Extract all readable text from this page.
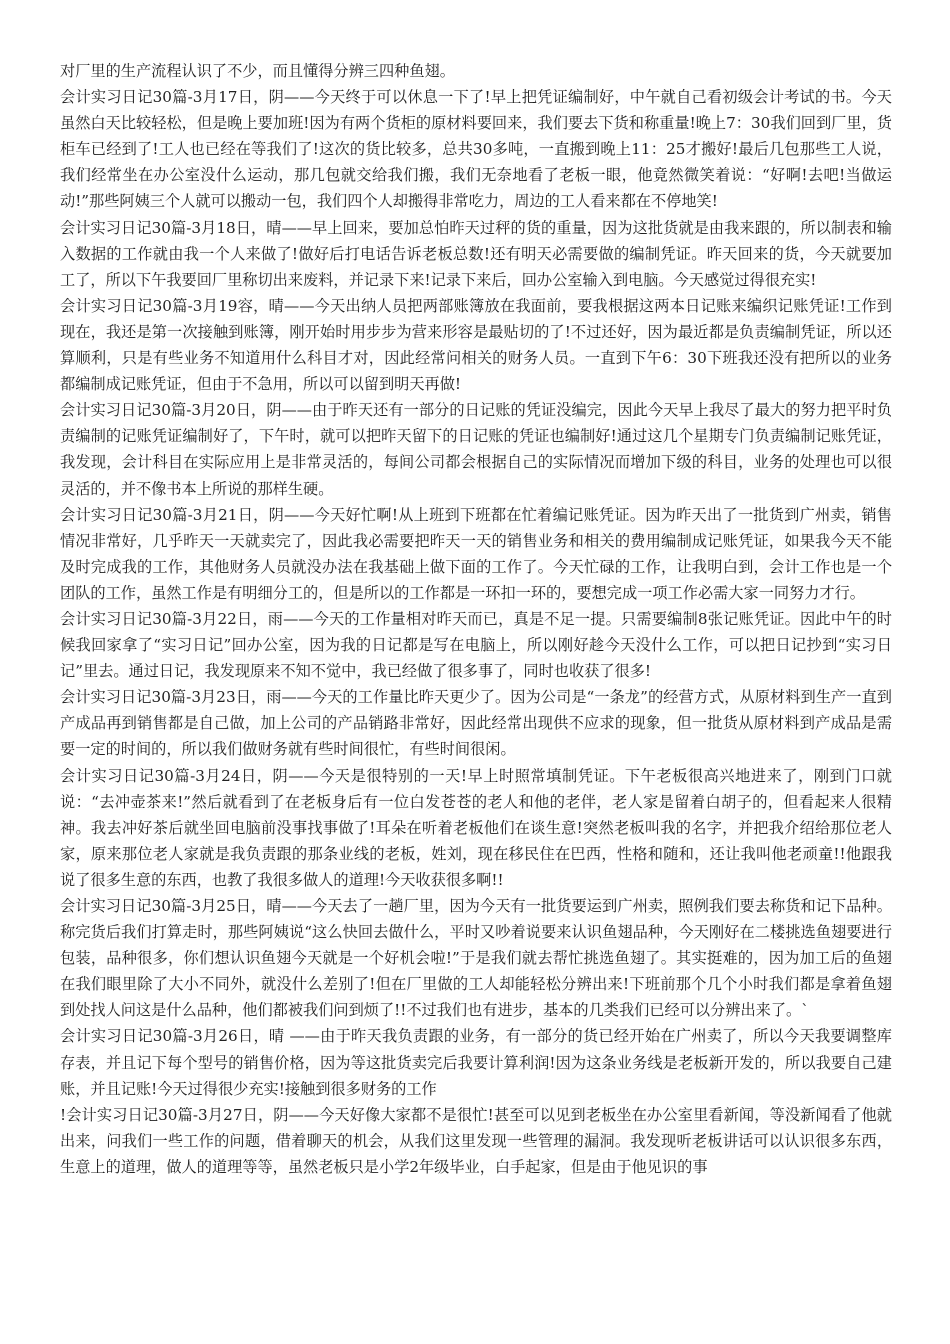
对厂里的生产流程认识了不少，而且懂得分辨三四种鱼翅。

会计实习日记30篇-3月17日，阴——今天终于可以休息一下了!早上把凭证编制好，中午就自己看初级会计考试的书。今天虽然白天比较轻松，但是晚上要加班!因为有两个货柜的原材料要回来，我们要去下货和称重量!晚上7：30我们回到厂里，货柜车已经到了!工人也已经在等我们了!这次的货比较多，总共30多吨，一直搬到晚上11：25才搬好!最后几包那些工人说，我们经常坐在办公室没什么运动，那几包就交给我们搬，我们无奈地看了老板一眼，他竟然微笑着说：“好啊!去吧!当做运动!”那些阿姨三个人就可以搬动一包，我们四个人却搬得非常吃力，周边的工人看来都在不停地笑!

会计实习日记30篇-3月18日，晴——早上回来，要加总怕昨天过秤的货的重量，因为这批货就是由我来跟的，所以制表和输入数据的工作就由我一个人来做了!做好后打电话告诉老板总数!还有明天必需要做的编制凭证。昨天回来的货，今天就要加工了，所以下午我要回厂里称切出来废料，并记录下来!记录下来后，回办公室输入到电脑。今天感觉过得很充实!

会计实习日记30篇-3月19容，晴——今天出纳人员把两部账簿放在我面前，要我根据这两本日记账来编织记账凭证!工作到现在，我还是第一次接触到账簿，刚开始时用步步为营来形容是最贴切的了!不过还好，因为最近都是负责编制凭证，所以还算顺利，只是有些业务不知道用什么科目才对，因此经常问相关的财务人员。一直到下午6：30下班我还没有把所以的业务都编制成记账凭证，但由于不急用，所以可以留到明天再做!

会计实习日记30篇-3月20日，阴——由于昨天还有一部分的日记账的凭证没编完，因此今天早上我尽了最大的努力把平时负责编制的记账凭证编制好了，下午时，就可以把昨天留下的日记账的凭证也编制好!通过这几个星期专门负责编制记账凭证，我发现，会计科目在实际应用上是非常灵活的，每间公司都会根据自己的实际情况而增加下级的科目，业务的处理也可以很灵活的，并不像书本上所说的那样生硬。

会计实习日记30篇-3月21日，阴——今天好忙啊!从上班到下班都在忙着编记账凭证。因为昨天出了一批货到广州卖，销售情况非常好，几乎昨天一天就卖完了，因此我必需要把昨天一天的销售业务和相关的费用编制成记账凭证，如果我今天不能及时完成我的工作，其他财务人员就没办法在我基础上做下面的工作了。今天忙碌的工作，让我明白到，会计工作也是一个团队的工作，虽然工作是有明细分工的，但是所以的工作都是一环扣一环的，要想完成一项工作必需大家一同努力才行。

会计实习日记30篇-3月22日，雨——今天的工作量相对昨天而已，真是不足一提。只需要编制8张记账凭证。因此中午的时候我回家拿了“实习日记”回办公室，因为我的日记都是写在电脑上，所以刚好趁今天没什么工作，可以把日记抄到“实习日记”里去。通过日记，我发现原来不知不觉中，我已经做了很多事了，同时也收获了很多!

会计实习日记30篇-3月23日，雨——今天的工作量比昨天更少了。因为公司是“一条龙”的经营方式，从原材料到生产一直到产成品再到销售都是自己做，加上公司的产品销路非常好，因此经常出现供不应求的现象，但一批货从原材料到产成品是需要一定的时间的，所以我们做财务就有些时间很忙，有些时间很闲。

会计实习日记30篇-3月24日，阴——今天是很特别的一天!早上时照常填制凭证。下午老板很高兴地进来了，刚到门口就说：“去冲壶茶来!”然后就看到了在老板身后有一位白发苍苍的老人和他的老伴，老人家是留着白胡子的，但看起来人很精神。我去冲好茶后就坐回电脑前没事找事做了!耳朵在听着老板他们在谈生意!突然老板叫我的名字，并把我介绍给那位老人家，原来那位老人家就是我负责跟的那条业线的老板，姓刘，现在移民住在巴西，性格和随和，还让我叫他老顽童!!他跟我说了很多生意的东西，也教了我很多做人的道理!今天收获很多啊!!

会计实习日记30篇-3月25日，晴——今天去了一趟厂里，因为今天有一批货要运到广州卖，照例我们要去称货和记下品种。称完货后我们打算走时，那些阿姨说“这么快回去做什么，平时又吵着说要来认识鱼翅品种，今天刚好在二楼挑选鱼翅要进行包装，品种很多，你们想认识鱼翅今天就是一个好机会啦!”于是我们就去帮忙挑选鱼翅了。其实挺难的，因为加工后的鱼翅在我们眼里除了大小不同外，就没什么差别了!但在厂里做的工人却能轻松分辨出来!下班前那个几个小时我们都是拿着鱼翅到处找人问这是什么品种，他们都被我们问到烦了!!不过我们也有进步，基本的几类我们已经可以分辨出来了。`

会计实习日记30篇-3月26日，晴 ——由于昨天我负责跟的业务，有一部分的货已经开始在广州卖了，所以今天我要调整库存表，并且记下每个型号的销售价格，因为等这批货卖完后我要计算利润!因为这条业务线是老板新开发的，所以我要自己建账，并且记账!今天过得很少充实!接触到很多财务的工作

!会计实习日记30篇-3月27日，阴——今天好像大家都不是很忙!甚至可以见到老板坐在办公室里看新闻，等没新闻看了他就出来，问我们一些工作的问题，借着聊天的机会，从我们这里发现一些管理的漏洞。我发现听老板讲话可以认识很多东西，生意上的道理，做人的道理等等，虽然老板只是小学2年级毕业，白手起家，但是由于他见识的事
